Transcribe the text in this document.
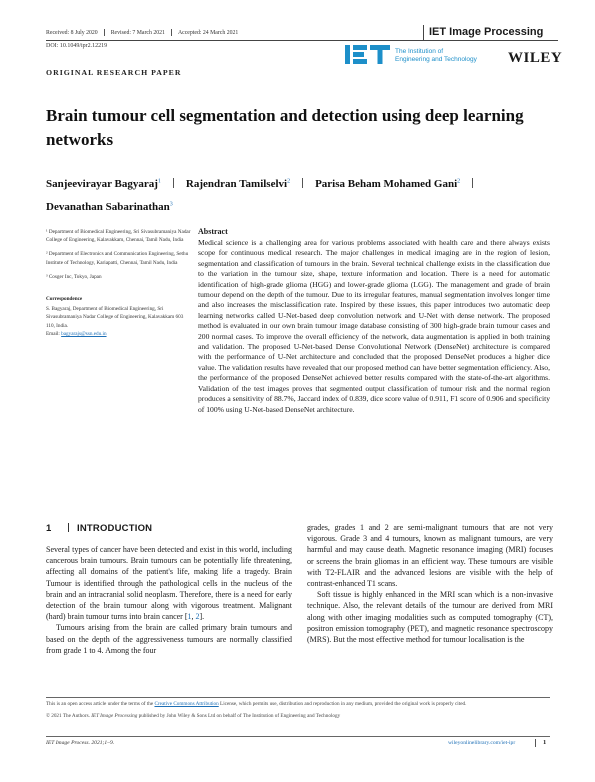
Received: 8 July 2020 Revised: 7 March 2021 Accepted: 24 March 2021	IET Image Processing
DOI: 10.1049/ipr2.12219
The Institution of
Engineering and Technology WILEY
ORIGINAL RESEARCH PAPER
Brain tumour cell segmentation and detection using deep learning networks
Sanjeevirayar Bagyaraj$^1$ Rajendran Tamilselvi$^2$ Parisa Beham Mohamed Gani$^2$
Devanathan Sabarinathan$^3$

¹ Department of Biomedical Engineering, Sri Sivasubramaniya Nadar College of Engineering, Kalavakkam, Chennai, Tamil Nadu, India

² Department of Electronics and Communication Engineering, Sethu Institute of Technology, Kariapatti, Chennai, Tamil Nadu, India

³ Cosger Inc, Tokyo, Japan

Correspondence

S. Bagyaraj, Department of Biomedical Engineering, Sri Sivasubramaniya Nadar College of Engineering, Kalavakkam 603 110, India.

Email: bagyarajs@ssn.edu.in

Abstract
Medical science is a challenging area for various problems associated with health care and there always exists scope for continuous medical research. The major challenges in medical imaging are in the region of lesion, segmentation and classification of tumours in the brain. Several technical challenge exists in the classification due to the variation in the tumour size, shape, texture information and location. There is a need for automatic identification of high-grade glioma (HGG) and lower-grade glioma (LGG). The management and grade of brain tumour depend on the depth of the tumour. Due to its irregular features, manual segmentation involves longer time and also increases the misclassification rate. Inspired by these issues, this paper introduces two automatic deep learning networks called U-Net-based deep convolution network and U-Net with dense network. The proposed method is evaluated in our own brain tumour image database consisting of 300 high-grade brain tumour cases and 200 normal cases. To improve the overall efficiency of the network, data augmentation is applied in both training and validation. The proposed U-Net-based Dense Convolutional Network (DenseNet) architecture is compared with the performance of U-Net architecture and concluded that the proposed DenseNet produces a higher dice value. The validation results have revealed that our proposed method can have better segmentation efficiency. Also, the performance of the proposed DenseNet achieved better results compared with the state-of-the-art algorithms. Validation of the test images proves that segmented output classification of tumour risk and the normal region produces a sensitivity of 88.7%, Jaccard index of 0.839, dice score value of 0.911, F1 score of 0.906 and specificity of 100% using U-Net-based DenseNet architecture.
1	INTRODUCTION

Several types of cancer have been detected and exist in this world, including cancerous brain tumours. Brain tumours can be potentially life threatening, affecting all domains of the patient's life, making life a tragedy. Brain Tumour is identified through the pathological cells in the nucleus of the brain and an intracranial solid neoplasm. Therefore, there is a need for early detection of the brain tumour along with vigorous treatment. Malignant (hard) brain tumour turns into brain cancer [1, 2].

Tumours arising from the brain are called primary brain tumours and based on the depth of the aggressiveness tumours are normally classified from grade 1 to 4. Among the four

grades, grades 1 and 2 are semi-malignant tumours that are not very vigorous. Grade 3 and 4 tumours, known as malignant tumours, are very harmful and may cause death. Magnetic resonance imaging (MRI) focuses or screens the brain gliomas in an efficient way. These tumours are visible with T2-FLAIR and the advanced lesions are visible with the help of contrast-enhanced T1 scans.

Soft tissue is highly enhanced in the MRI scan which is a non-invasive technique. Also, the relevant details of the tumour are derived from MRI along with other imaging modalities such as computed tomography (CT), positron emission tomography (PET), and magnetic resonance spectroscopy (MRS). But the most effective method for tumour localisation is the

This is an open access article under the terms of the Creative Commons Attribution License, which permits use, distribution and reproduction in any medium, provided the original work is properly cited.
© 2021 The Authors. IET Image Processing published by John Wiley & Sons Ltd on behalf of The Institution of Engineering and Technology
IET Image Process. 2021;1–9.	wileyonlinelibrary.com/iet-ipr	1
